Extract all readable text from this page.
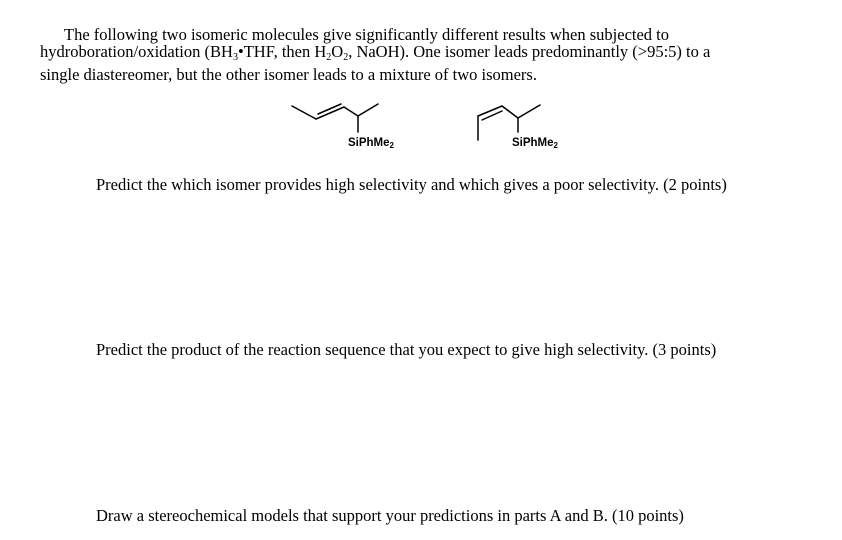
The following two isomeric molecules give significantly different results when subjected to
hydroboration/oxidation ($BH_3•THF$, then $H_2O_2$, NaOH). One isomer leads predominantly (>95:5) to a
single diastereomer, but the other isomer leads to a mixture of two isomers.
SiPhMe$_2$	SiPhMe$_2$
Predict the which isomer provides high selectivity and which gives a poor selectivity. (2 points)
Predict the product of the reaction sequence that you expect to give high selectivity. (3 points)
Draw a stereochemical models that support your predictions in parts A and B. (10 points)
